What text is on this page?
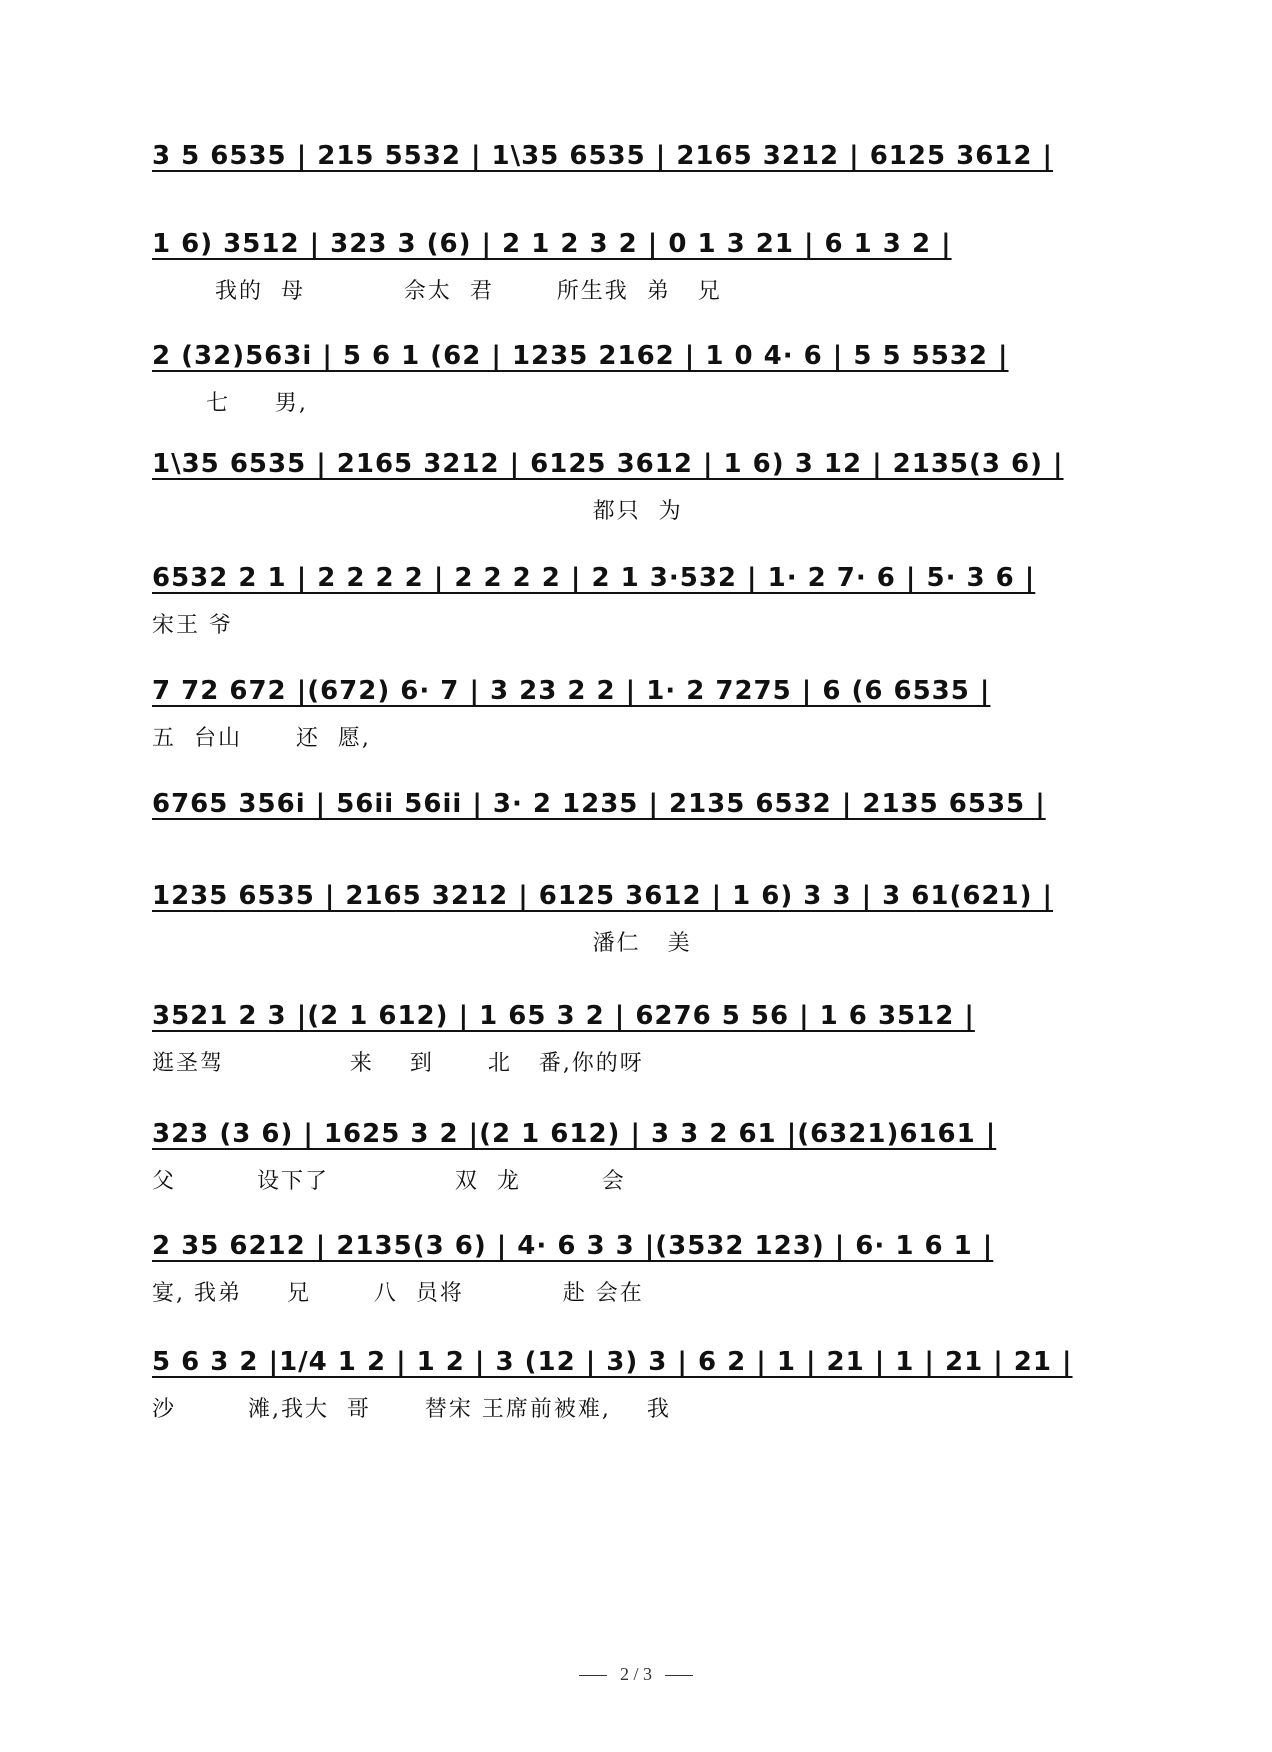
3 5 6535 | 215 5532 | 1\35 6535 | 2165 3212 | 6125 3612 |
1 6) 3512 | 323 3 (6) | 2 1 2 3 2 | 0 1 3 21 | 6 1 3 2 |
我的  母           佘太  君       所生我  弟   兄
2 (32)563i | 5 6 1 (62 | 1235 2162 | 1 0 4· 6 | 5 5 5532 |
七     男,
1\35 6535 | 2165 3212 | 6125 3612 | 1 6) 3 12 | 2135(3 6) |
都只  为
6532 2 1 | 2 2 2 2 | 2 2 2 2 | 2 1 3·532 | 1· 2 7· 6 | 5· 3 6 |
宋王 爷
7 72 672 |(672) 6· 7 | 3 23 2 2 | 1· 2 7275 | 6 (6 6535 |
五  台山      还  愿,
6765 356i | 56ii 56ii | 3· 2 1235 | 2135 6532 | 2135 6535 |
1235 6535 | 2165 3212 | 6125 3612 | 1 6) 3 3 | 3 61(621) |
潘仁   美
3521 2 3 |(2 1 612) | 1 65 3 2 | 6276 5 56 | 1 6 3512 |
逛圣驾              来    到      北   番,你的呀
323 (3 6) | 1625 3 2 |(2 1 612) | 3 3 2 61 |(6321)6161 |
父         设下了              双  龙         会
2 35 6212 | 2135(3 6) | 4· 6 3 3 |(3532 123) | 6· 1 6 1 |
宴, 我弟     兄       八  员将           赴 会在
5 6 3 2 |1/4 1 2 | 1 2 | 3 (12 | 3) 3 | 6 2 | 1 | 21 | 1 | 21 | 21 |
沙        滩,我大  哥      替宋 王席前被难,    我
2 / 3
